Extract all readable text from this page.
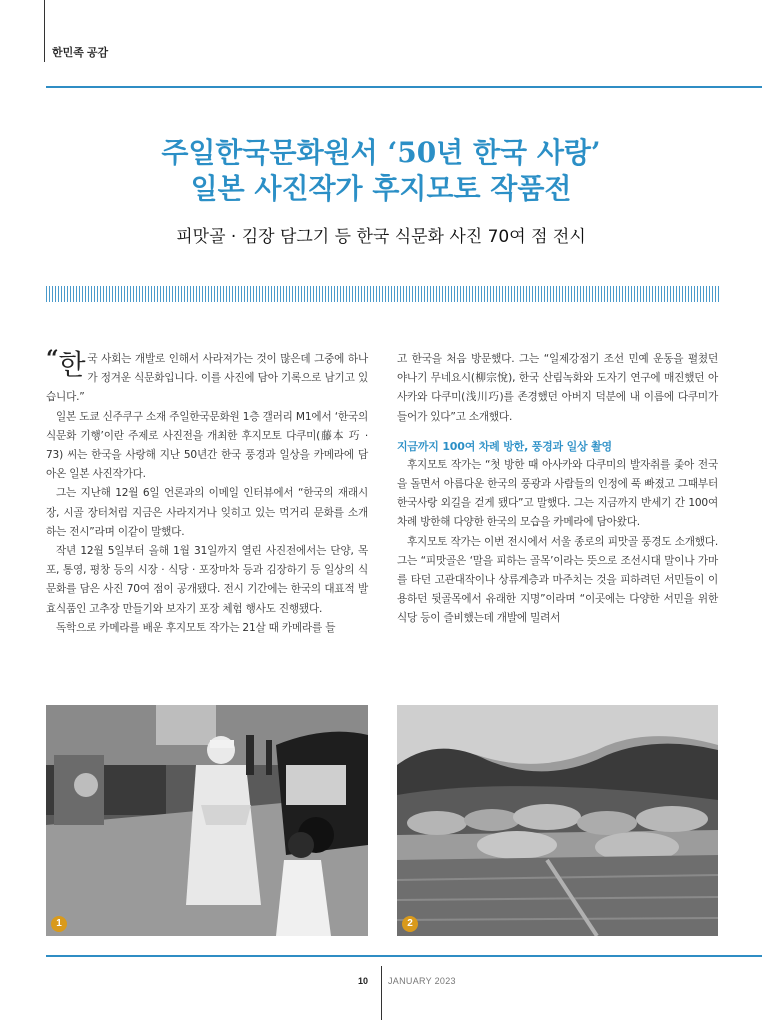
한민족 공감
주일한국문화원서 ‘50년 한국 사랑’
일본 사진작가 후지모토 작품전
피맛골 · 김장 담그기 등 한국 식문화 사진 70여 점 전시

“ 한 국 사회는 개발로 인해서 사라져가는 것이 많은데 그중에 하나가 정겨운 식문화입니다. 이를 사진에 담아 기록으로 남기고 있습니다.”

일본 도쿄 신주쿠구 소재 주일한국문화원 1층 갤러리 M1에서 ‘한국의 식문화 기행’이란 주제로 사진전을 개최한 후지모토 다쿠미(藤本 巧 · 73) 씨는 한국을 사랑해 지난 50년간 한국 풍경과 일상을 카메라에 담아온 일본 사진작가다.

그는 지난해 12월 6일 언론과의 이메일 인터뷰에서 “한국의 재래시장, 시골 장터처럼 지금은 사라지거나 잊히고 있는 먹거리 문화를 소개하는 전시”라며 이같이 말했다.

작년 12월 5일부터 올해 1월 31일까지 열린 사진전에서는 단양, 목포, 통영, 평창 등의 시장 · 식당 · 포장마차 등과 김장하기 등 일상의 식문화를 담은 사진 70여 점이 공개됐다. 전시 기간에는 한국의 대표적 발효식품인 고추장 만들기와 보자기 포장 체험 행사도 진행됐다.

독학으로 카메라를 배운 후지모토 작가는 21살 때 카메라를 들

고 한국을 처음 방문했다. 그는 “일제강점기 조선 민예 운동을 펼쳤던 야나기 무네요시(柳宗悅), 한국 산림녹화와 도자기 연구에 매진했던 아사카와 다쿠미(浅川巧)를 존경했던 아버지 덕분에 내 이름에 다쿠미가 들어가 있다”고 소개했다.

지금까지 100여 차례 방한, 풍경과 일상 촬영

후지모토 작가는 “첫 방한 때 아사카와 다쿠미의 발자취를 좇아 전국을 돌면서 아름다운 한국의 풍광과 사람들의 인정에 푹 빠졌고 그때부터 한국사랑 외길을 걷게 됐다”고 말했다. 그는 지금까지 반세기 간 100여 차례 방한해 다양한 한국의 모습을 카메라에 담아왔다.

후지모토 작가는 이번 전시에서 서울 종로의 피맛골 풍경도 소개했다. 그는 “피맛골은 ‘말을 피하는 골목’이라는 뜻으로 조선시대 말이나 가마를 타던 고관대작이나 상류계층과 마주치는 것을 피하려던 서민들이 이용하던 뒷골목에서 유래한 지명”이라며 “이곳에는 다양한 서민을 위한 식당 등이 즐비했는데 개발에 밀려서

1	2
10 JANUARY 2023
